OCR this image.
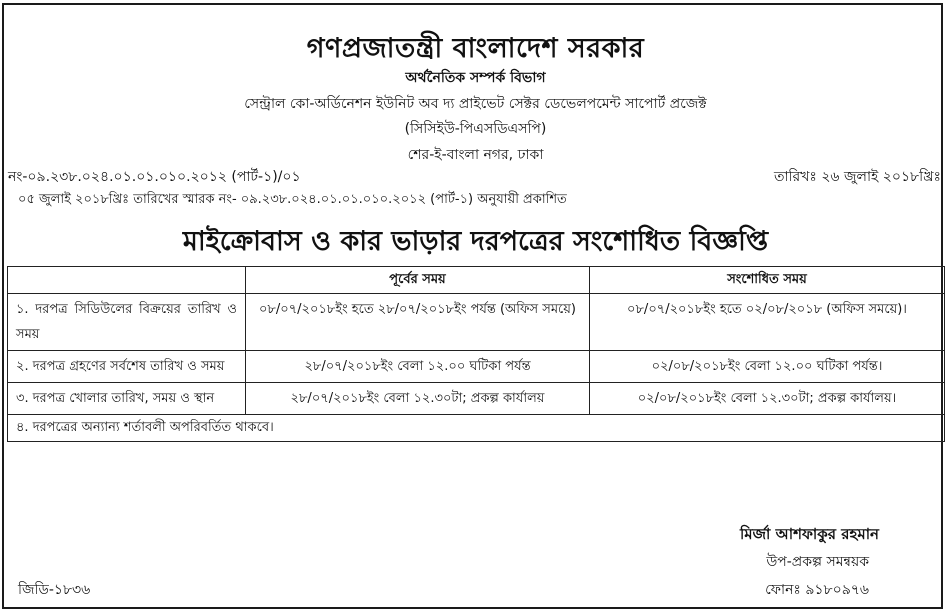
গণপ্রজাতন্ত্রী বাংলাদেশ সরকার
অর্থনৈতিক সম্পর্ক বিভাগ
সেন্ট্রাল কো-অর্ডিনেশন ইউনিট অব দ্য প্রাইভেট সেক্টর ডেভেলপমেন্ট সাপোর্ট প্রজেক্ট
(সিসিইউ-পিএসডিএসপি)
শের-ই-বাংলা নগর, ঢাকা
নং-০৯.২৩৮.০২৪.০১.০১.০১০.২০১২ (পার্ট-১)/০১	তারিখঃ ২৬ জুলাই ২০১৮খ্রিঃ
০৫ জুলাই ২০১৮খ্রিঃ তারিখের স্মারক নং- ০৯.২৩৮.০২৪.০১.০১.০১০.২০১২ (পার্ট-১) অনুযায়ী প্রকাশিত
মাইক্রোবাস ও কার ভাড়ার দরপত্রের সংশোধিত বিজ্ঞপ্তি
	পূর্বের সময়	সংশোধিত সময়
১. দরপত্র সিডিউলের বিক্রয়ের তারিখ ও সময়	০৮/০৭/২০১৮ইং হতে ২৮/০৭/২০১৮ইং পর্যন্ত (অফিস সময়ে)	০৮/০৭/২০১৮ইং হতে ০২/০৮/২০১৮ (অফিস সময়ে)।
২. দরপত্র গ্রহণের সর্বশেষ তারিখ ও সময়	২৮/০৭/২০১৮ইং বেলা ১২.০০ ঘটিকা পর্যন্ত	০২/০৮/২০১৮ইং বেলা ১২.০০ ঘটিকা পর্যন্ত।
৩. দরপত্র খোলার তারিখ, সময় ও স্থান	২৮/০৭/২০১৮ইং বেলা ১২.৩০টা; প্রকল্প কার্যালয়	০২/০৮/২০১৮ইং বেলা ১২.৩০টা; প্রকল্প কার্যালয়।
৪. দরপত্রের অন্যান্য শর্তাবলী অপরিবর্তিত থাকবে।		
মির্জা আশফাকুর রহমান
উপ-প্রকল্প সমন্বয়ক
ফোনঃ ৯১৮০৯৭৬
জিডি-১৮৩৬
